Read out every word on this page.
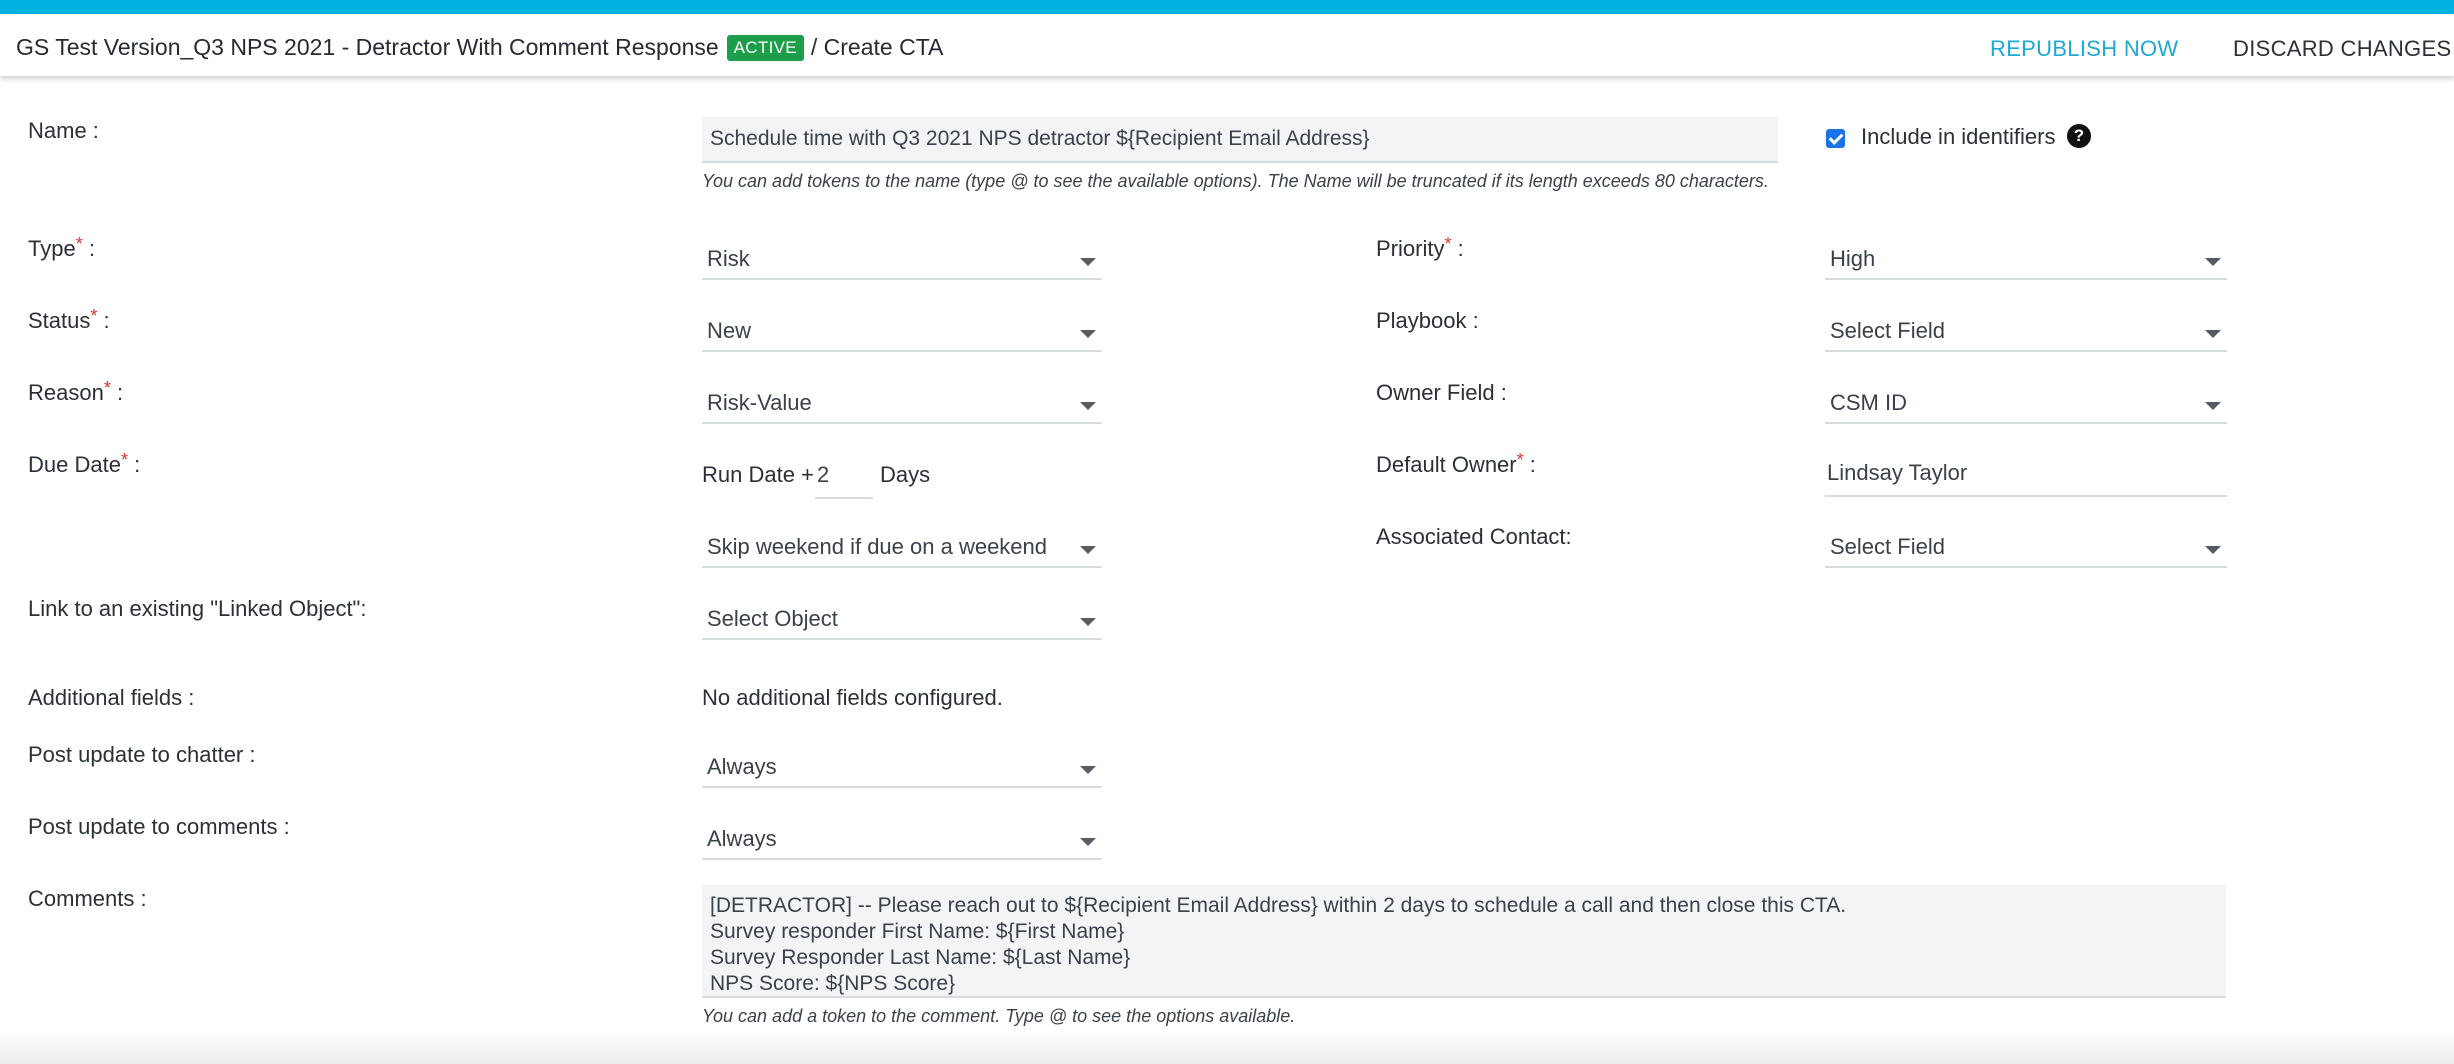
GS Test Version_Q3 NPS 2021 - Detractor With Comment Response ACTIVE / Create CTA	REPUBLISH NOW DISCARD CHANGES
Name :	Schedule time with Q3 2021 NPS detractor ${Recipient Email Address}
You can add tokens to the name (type @ to see the available options). The Name will be truncated if its length exceeds 80 characters.
Include in identifiers	?
Type* :	Risk	Priority* :	High
Status* :	New	Playbook :	Select Field
Reason* :	Risk-Value	Owner Field :	CSM ID
Due Date* :	Run Date + 2	Days	Default Owner* :	Lindsay Taylor
Skip weekend if due on a weekend	Associated Contact:	Select Field
Link to an existing "Linked Object":	Select Object
Additional fields :	No additional fields configured.
Post update to chatter :	Always
Post update to comments :	Always
Comments :	[DETRACTOR] -- Please reach out to ${Recipient Email Address} within 2 days to schedule a call and then close this CTA.
Survey responder First Name: ${First Name}
Survey Responder Last Name: ${Last Name}
NPS Score: ${NPS Score}
You can add a token to the comment. Type @ to see the options available.
